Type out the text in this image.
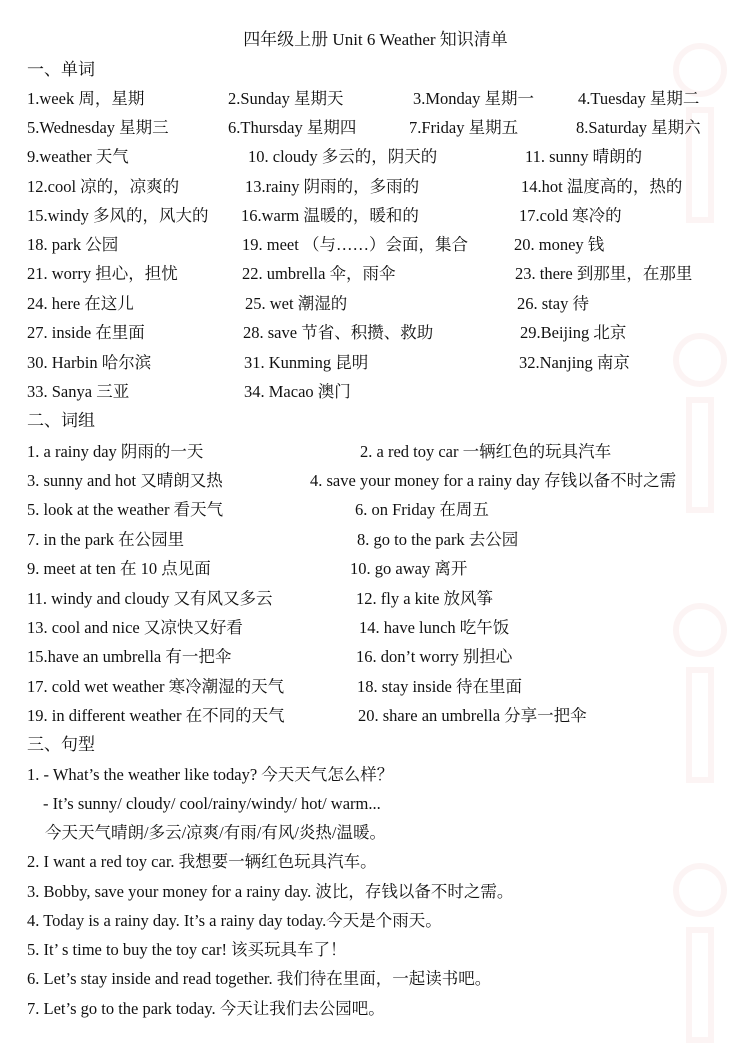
四年级上册 Unit 6 Weather 知识清单
一、单词
1.week 周，星期	2.Sunday 星期天	3.Monday 星期一	4.Tuesday 星期二
5.Wednesday 星期三	6.Thursday 星期四	7.Friday 星期五	8.Saturday 星期六
9.weather 天气	10. cloudy 多云的，阴天的	11. sunny 晴朗的
12.cool 凉的，凉爽的	13.rainy 阴雨的，多雨的	14.hot 温度高的，热的
15.windy 多风的，风大的 16.warm 温暖的，暖和的	17.cold 寒冷的
18. park 公园	19. meet （与……）会面，集合	20. money 钱
21. worry 担心，担忧	22. umbrella 伞，雨伞	23. there 到那里，在那里
24. here 在这儿	25. wet 潮湿的	26. stay 待
27. inside 在里面	28. save 节省、积攒、救助	29.Beijing 北京
30. Harbin 哈尔滨	31. Kunming 昆明	32.Nanjing 南京
33. Sanya 三亚	34. Macao 澳门
二、词组
1. a rainy day 阴雨的一天	2. a red toy car 一辆红色的玩具汽车
3. sunny and hot 又晴朗又热	4. save your money for a rainy day 存钱以备不时之需
5. look at the weather 看天气	6. on Friday 在周五
7. in the park 在公园里	8. go to the park 去公园
9. meet at ten 在 10 点见面	10. go away 离开
11. windy and cloudy 又有风又多云	12. fly a kite 放风筝
13. cool and nice 又凉快又好看	14. have lunch 吃午饭
15.have an umbrella 有一把伞	16. don’t worry 别担心
17. cold wet weather 寒冷潮湿的天气	18. stay inside 待在里面
19. in different weather 在不同的天气	20. share an umbrella 分享一把伞
三、句型
1. - What’s the weather like today? 今天天气怎么样？
- It’s sunny/ cloudy/ cool/rainy/windy/ hot/ warm...
今天天气晴朗/多云/凉爽/有雨/有风/炎热/温暖。
2. I want a red toy car. 我想要一辆红色玩具汽车。
3. Bobby, save your money for a rainy day. 波比，存钱以备不时之需。
4. Today is a rainy day. It’s a rainy day today.今天是个雨天。
5. It’ s time to buy the toy car! 该买玩具车了！
6. Let’s stay inside and read together. 我们待在里面，一起读书吧。
7. Let’s go to the park today. 今天让我们去公园吧。
